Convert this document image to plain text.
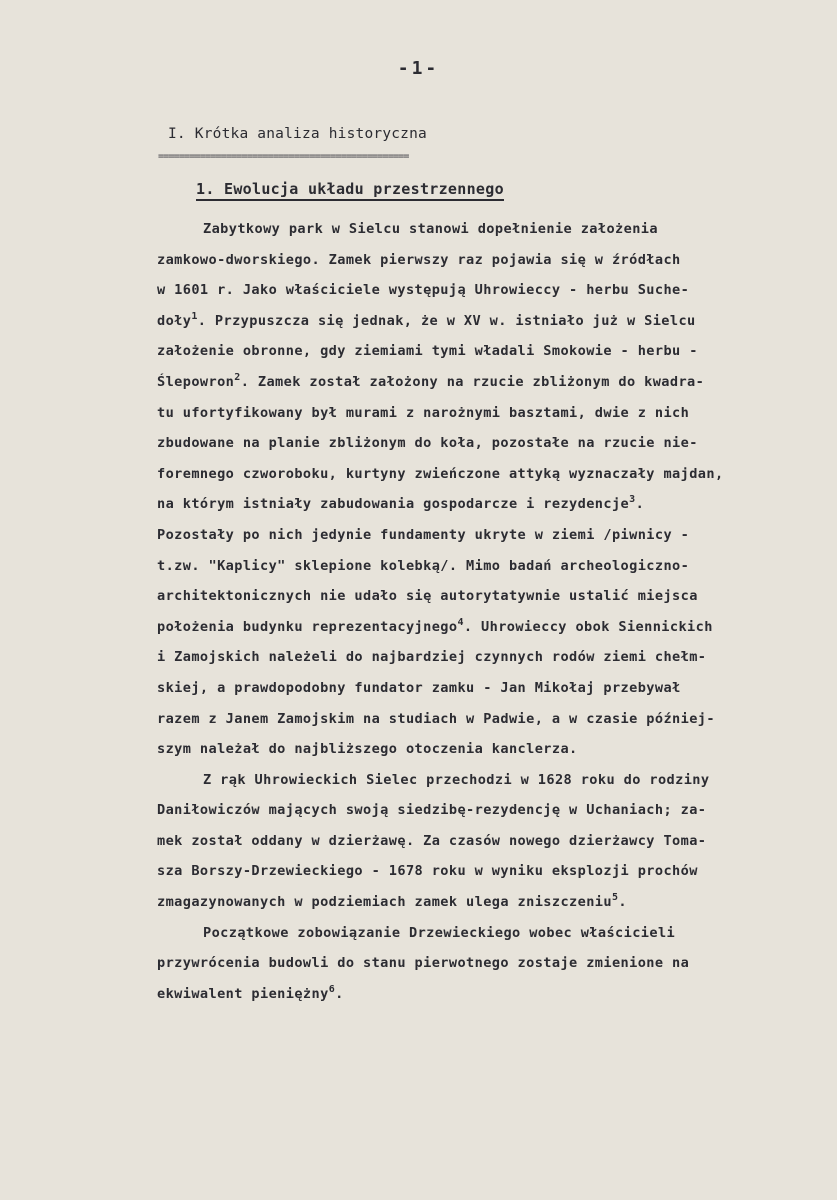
-1-
I. Krótka analiza historyczna
================================================
1. Ewolucja układu przestrzennego
Zabytkowy park w Sielcu stanowi dopełnienie założenia
zamkowo-dworskiego. Zamek pierwszy raz pojawia się w źródłach
w 1601 r. Jako właściciele występują Uhrowieccy - herbu Suche-
doły$^1$. Przypuszcza się jednak, że w XV w. istniało już w Sielcu
założenie obronne, gdy ziemiami tymi władali Smokowie - herbu -
Ślepowron$^2$. Zamek został założony na rzucie zbliżonym do kwadra-
tu ufortyfikowany był murami z narożnymi basztami, dwie z nich
zbudowane na planie zbliżonym do koła, pozostałe na rzucie nie-
foremnego czworoboku, kurtyny zwieńczone attyką wyznaczały majdan,
na którym istniały zabudowania gospodarcze i rezydencje$^3$.
Pozostały po nich jedynie fundamenty ukryte w ziemi /piwnicy -
t.zw. "Kaplicy" sklepione kolebką/. Mimo badań archeologiczno-
architektonicznych nie udało się autorytatywnie ustalić miejsca
położenia budynku reprezentacyjnego$^4$. Uhrowieccy obok Siennickich
i Zamojskich należeli do najbardziej czynnych rodów ziemi chełm-
skiej, a prawdopodobny fundator zamku - Jan Mikołaj przebywał
razem z Janem Zamojskim na studiach w Padwie, a w czasie później-
szym należał do najbliższego otoczenia kanclerza.
Z rąk Uhrowieckich Sielec przechodzi w 1628 roku do rodziny
Daniłowiczów mających swoją siedzibę-rezydencję w Uchaniach; za-
mek został oddany w dzierżawę. Za czasów nowego dzierżawcy Toma-
sza Borszy-Drzewieckiego - 1678 roku w wyniku eksplozji prochów
zmagazynowanych w podziemiach zamek ulega zniszczeniu$^5$.
Początkowe zobowiązanie Drzewieckiego wobec właścicieli
przywrócenia budowli do stanu pierwotnego zostaje zmienione na
ekwiwalent pieniężny$^6$.
